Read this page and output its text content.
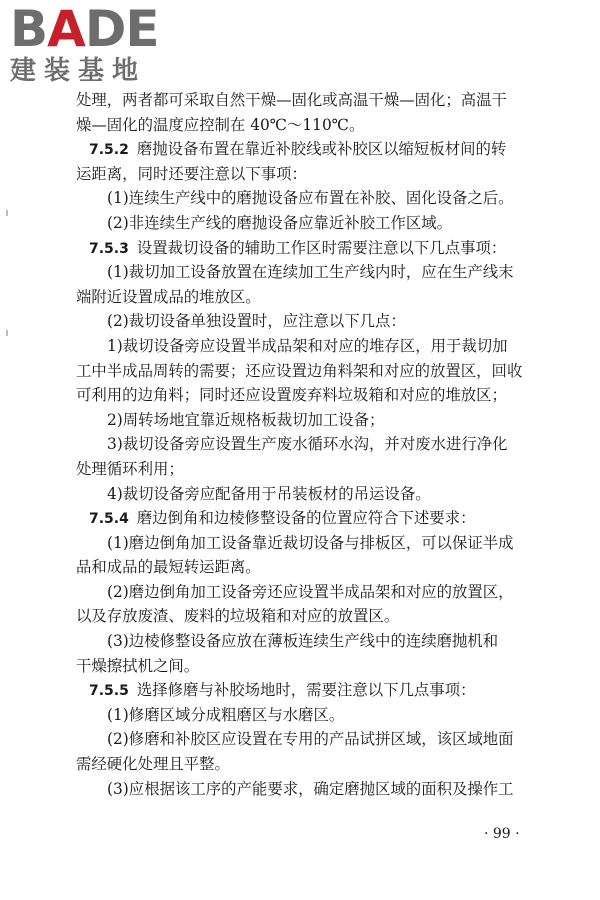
BADE
建装基地
处理，两者都可采取自然干燥—固化或高温干燥—固化；高温干
燥—固化的温度应控制在 40℃～110℃。
7.5.2 磨抛设备布置在靠近补胶线或补胶区以缩短板材间的转
运距离，同时还要注意以下事项：
(1)连续生产线中的磨抛设备应布置在补胶、固化设备之后。
(2)非连续生产线的磨抛设备应靠近补胶工作区域。
7.5.3 设置裁切设备的辅助工作区时需要注意以下几点事项：
(1)裁切加工设备放置在连续加工生产线内时，应在生产线末
端附近设置成品的堆放区。
(2)裁切设备单独设置时，应注意以下几点：
1)裁切设备旁应设置半成品架和对应的堆存区，用于裁切加
工中半成品周转的需要；还应设置边角料架和对应的放置区，回收
可利用的边角料；同时还应设置废弃料垃圾箱和对应的堆放区；
2)周转场地宜靠近规格板裁切加工设备；
3)裁切设备旁应设置生产废水循环水沟，并对废水进行净化
处理循环利用；
4)裁切设备旁应配备用于吊装板材的吊运设备。
7.5.4 磨边倒角和边棱修整设备的位置应符合下述要求：
(1)磨边倒角加工设备靠近裁切设备与排板区，可以保证半成
品和成品的最短转运距离。
(2)磨边倒角加工设备旁还应设置半成品架和对应的放置区，
以及存放废渣、废料的垃圾箱和对应的放置区。
(3)边棱修整设备应放在薄板连续生产线中的连续磨抛机和
干燥擦拭机之间。
7.5.5 选择修磨与补胶场地时，需要注意以下几点事项：
(1)修磨区域分成粗磨区与水磨区。
(2)修磨和补胶区应设置在专用的产品试拼区域，该区域地面
需经硬化处理且平整。
(3)应根据该工序的产能要求，确定磨抛区域的面积及操作工
· 99 ·
